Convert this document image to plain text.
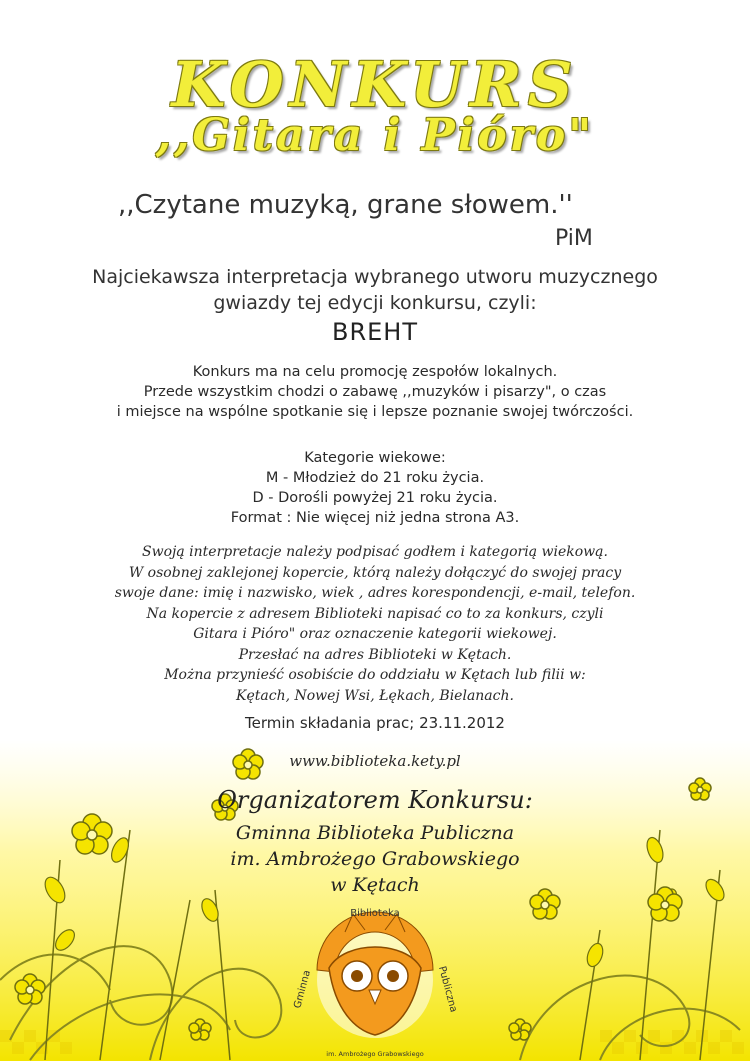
Biblioteka
Gminna	Publiczna
im. Ambrożego Grabowskiego
KONKURS
,,Gitara i Pióro"
,,Czytane muzyką, grane słowem.''
PiM
Najciekawsza interpretacja wybranego utworu muzycznego
gwiazdy tej edycji konkursu, czyli:
BREHT
Konkurs ma na celu promocję zespołów lokalnych.
Przede wszystkim chodzi o zabawę ,,muzyków i pisarzy", o czas
i miejsce na wspólne spotkanie się i lepsze poznanie swojej twórczości.
Kategorie wiekowe:
M - Młodzież do 21 roku życia.
D - Dorośli powyżej 21 roku życia.
Format : Nie więcej niż jedna strona A3.
Swoją interpretacje należy podpisać godłem i kategorią wiekową.
W osobnej zaklejonej kopercie, którą należy dołączyć do swojej pracy
swoje dane: imię i nazwisko, wiek , adres korespondencji, e-mail, telefon.
Na kopercie z adresem Biblioteki napisać co to za konkurs, czyli
Gitara i Pióro" oraz oznaczenie kategorii wiekowej.
Przesłać na adres Biblioteki w Kętach.
Można przynieść osobiście do oddziału w Kętach lub filii w:
Kętach, Nowej Wsi, Łękach, Bielanach.
Termin składania prac; 23.11.2012
www.biblioteka.kety.pl
Organizatorem Konkursu:
Gminna Biblioteka Publiczna
im. Ambrożego Grabowskiego
w Kętach
